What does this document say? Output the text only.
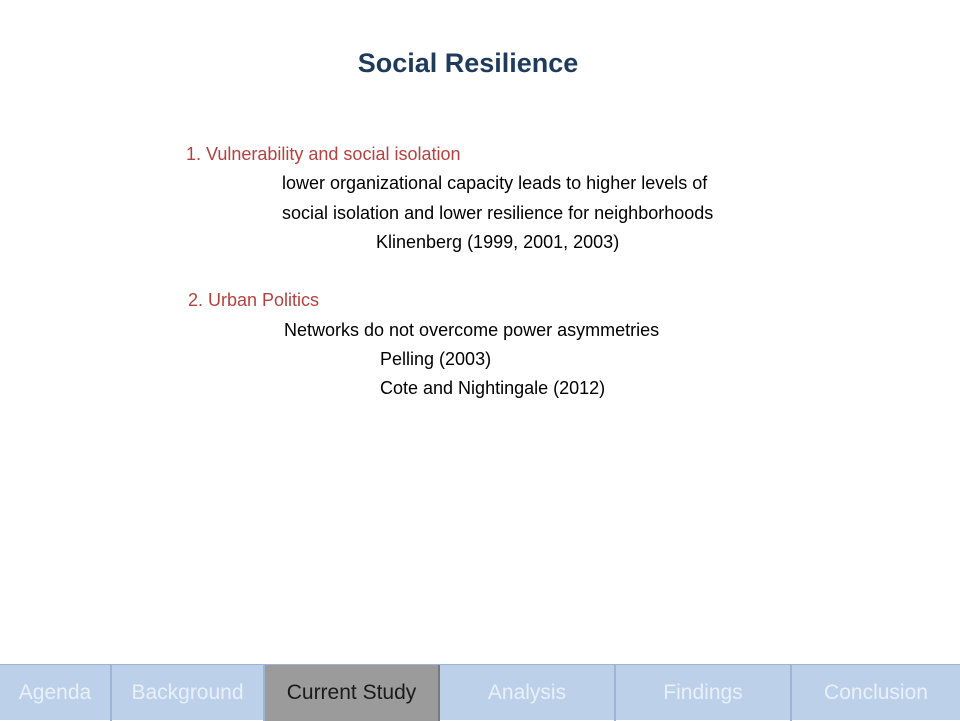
Social Resilience
1. Vulnerability and social isolation
lower organizational capacity leads to higher levels of
social isolation and lower resilience for neighborhoods
Klinenberg (1999, 2001, 2003)
2. Urban Politics
Networks do not overcome power asymmetries
Pelling (2003)
Cote and Nightingale (2012)
Agenda	Background	Current Study	Analysis	Findings	Conclusion
